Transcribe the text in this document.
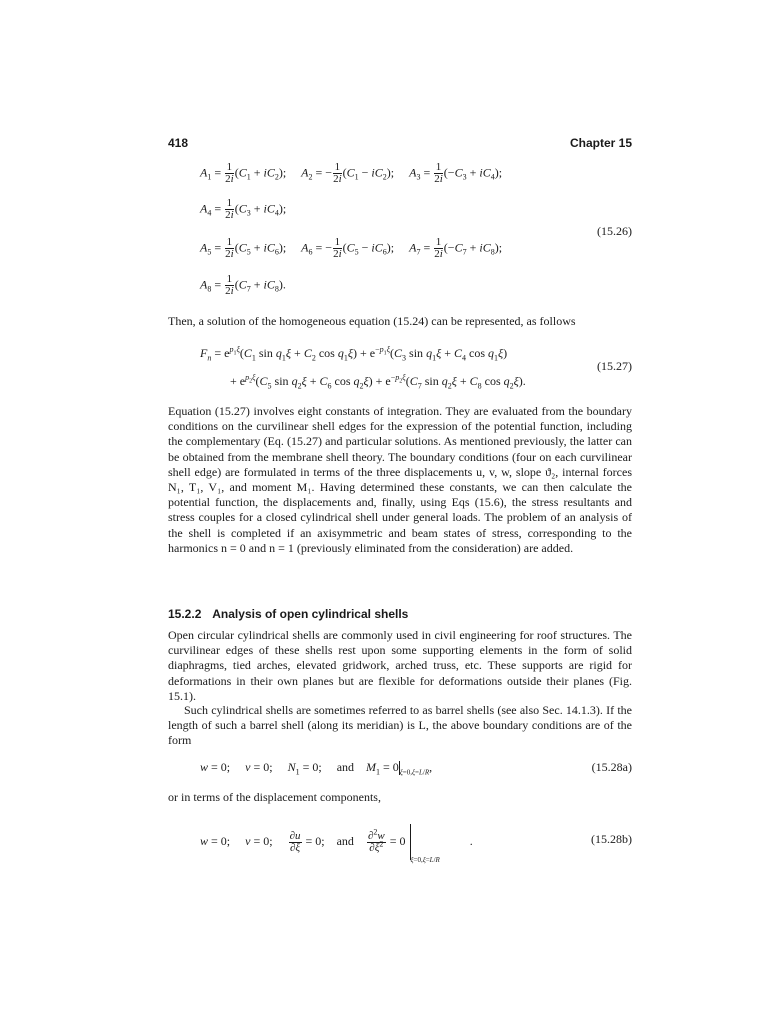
418	Chapter 15
$A_1 = \frac{1}{2i} (C_1 + iC_2)$;     $A_2$ = − $\frac{1}{2i} (C_1 - iC_2)$;     $A_3 = \frac{1}{2i} (-C_3 + iC_4)$;
$A_4 = \frac{1}{2i} (C_3 + iC_4)$;
(15.26)
$A_5 = \frac{1}{2i} (C_5 + iC_6)$;     $A_6$ = − $\frac{1}{2i} (C_5 - iC_6)$;     $A_7 = \frac{1}{2i} (-C_7 + iC_8)$;
$A_8 = \frac{1}{2i} (C_7 + iC_8)$.
Then, a solution of the homogeneous equation (15.24) can be represented, as follows
$F_n = e^{p_1\xi}(C_1$ $\sin q_1\xi + C_2$ $\cos q_1\xi) + e^{-p_1\xi}(C_3$ $\sin q_1\xi + C_4$ $\cos q_1\xi$)
(15.27)
+ $e^{p_2\xi}(C_5$ $\sin q_2\xi + C_6$ $\cos q_2\xi) + e^{-p_2\xi}(C_7$ $\sin q_2\xi + C_8$ $\cos q_2\xi$).
Equation (15.27) involves eight constants of integration. They are evaluated from the boundary conditions on the curvilinear shell edges for the expression of the potential function, including the complementary (Eq. (15.27) and particular solutions. As mentioned previously, the latter can be obtained from the membrane shell theory. The boundary conditions (four on each curvilinear shell edge) are formulated in terms of the three displacements u, v, w, slope ϑ₂, internal forces N₁, T₁, V₁, and moment M₁. Having determined these constants, we can then calculate the potential function, the displacements and, finally, using Eqs (15.6), the stress resultants and stress couples for a closed cylindrical shell under general loads. The problem of an analysis of the shell is completed if an axisymmetric and beam states of stress, corresponding to the harmonics n = 0 and n = 1 (previously eliminated from the consideration) are added.
15.2.2 Analysis of open cylindrical shells
Open circular cylindrical shells are commonly used in civil engineering for roof structures. The curvilinear edges of these shells rest upon some supporting elements in the form of solid diaphragms, tied arches, elevated gridwork, arched truss, etc. These supports are rigid for deformations in their own planes but are flexible for deformations outside their planes (Fig. 15.1).
Such cylindrical shells are sometimes referred to as barrel shells (see also Sec. 14.1.3). If the length of such a barrel shell (along its meridian) is L, the above boundary conditions are of the form
w = 0;     v = 0;     $N_1 = 0$;     and $M_1 = 0_{\xi=0,\xi=L/R}$,	(15.28a)
or in terms of the displacement components,
w = 0;     v = 0; $\frac{\partial u}{\partial\xi} = 0$;    and $\frac{\partial^2w}{\partial\xi^2} = 0_{\xi=0,\xi=L/R}$          .	(15.28b)
